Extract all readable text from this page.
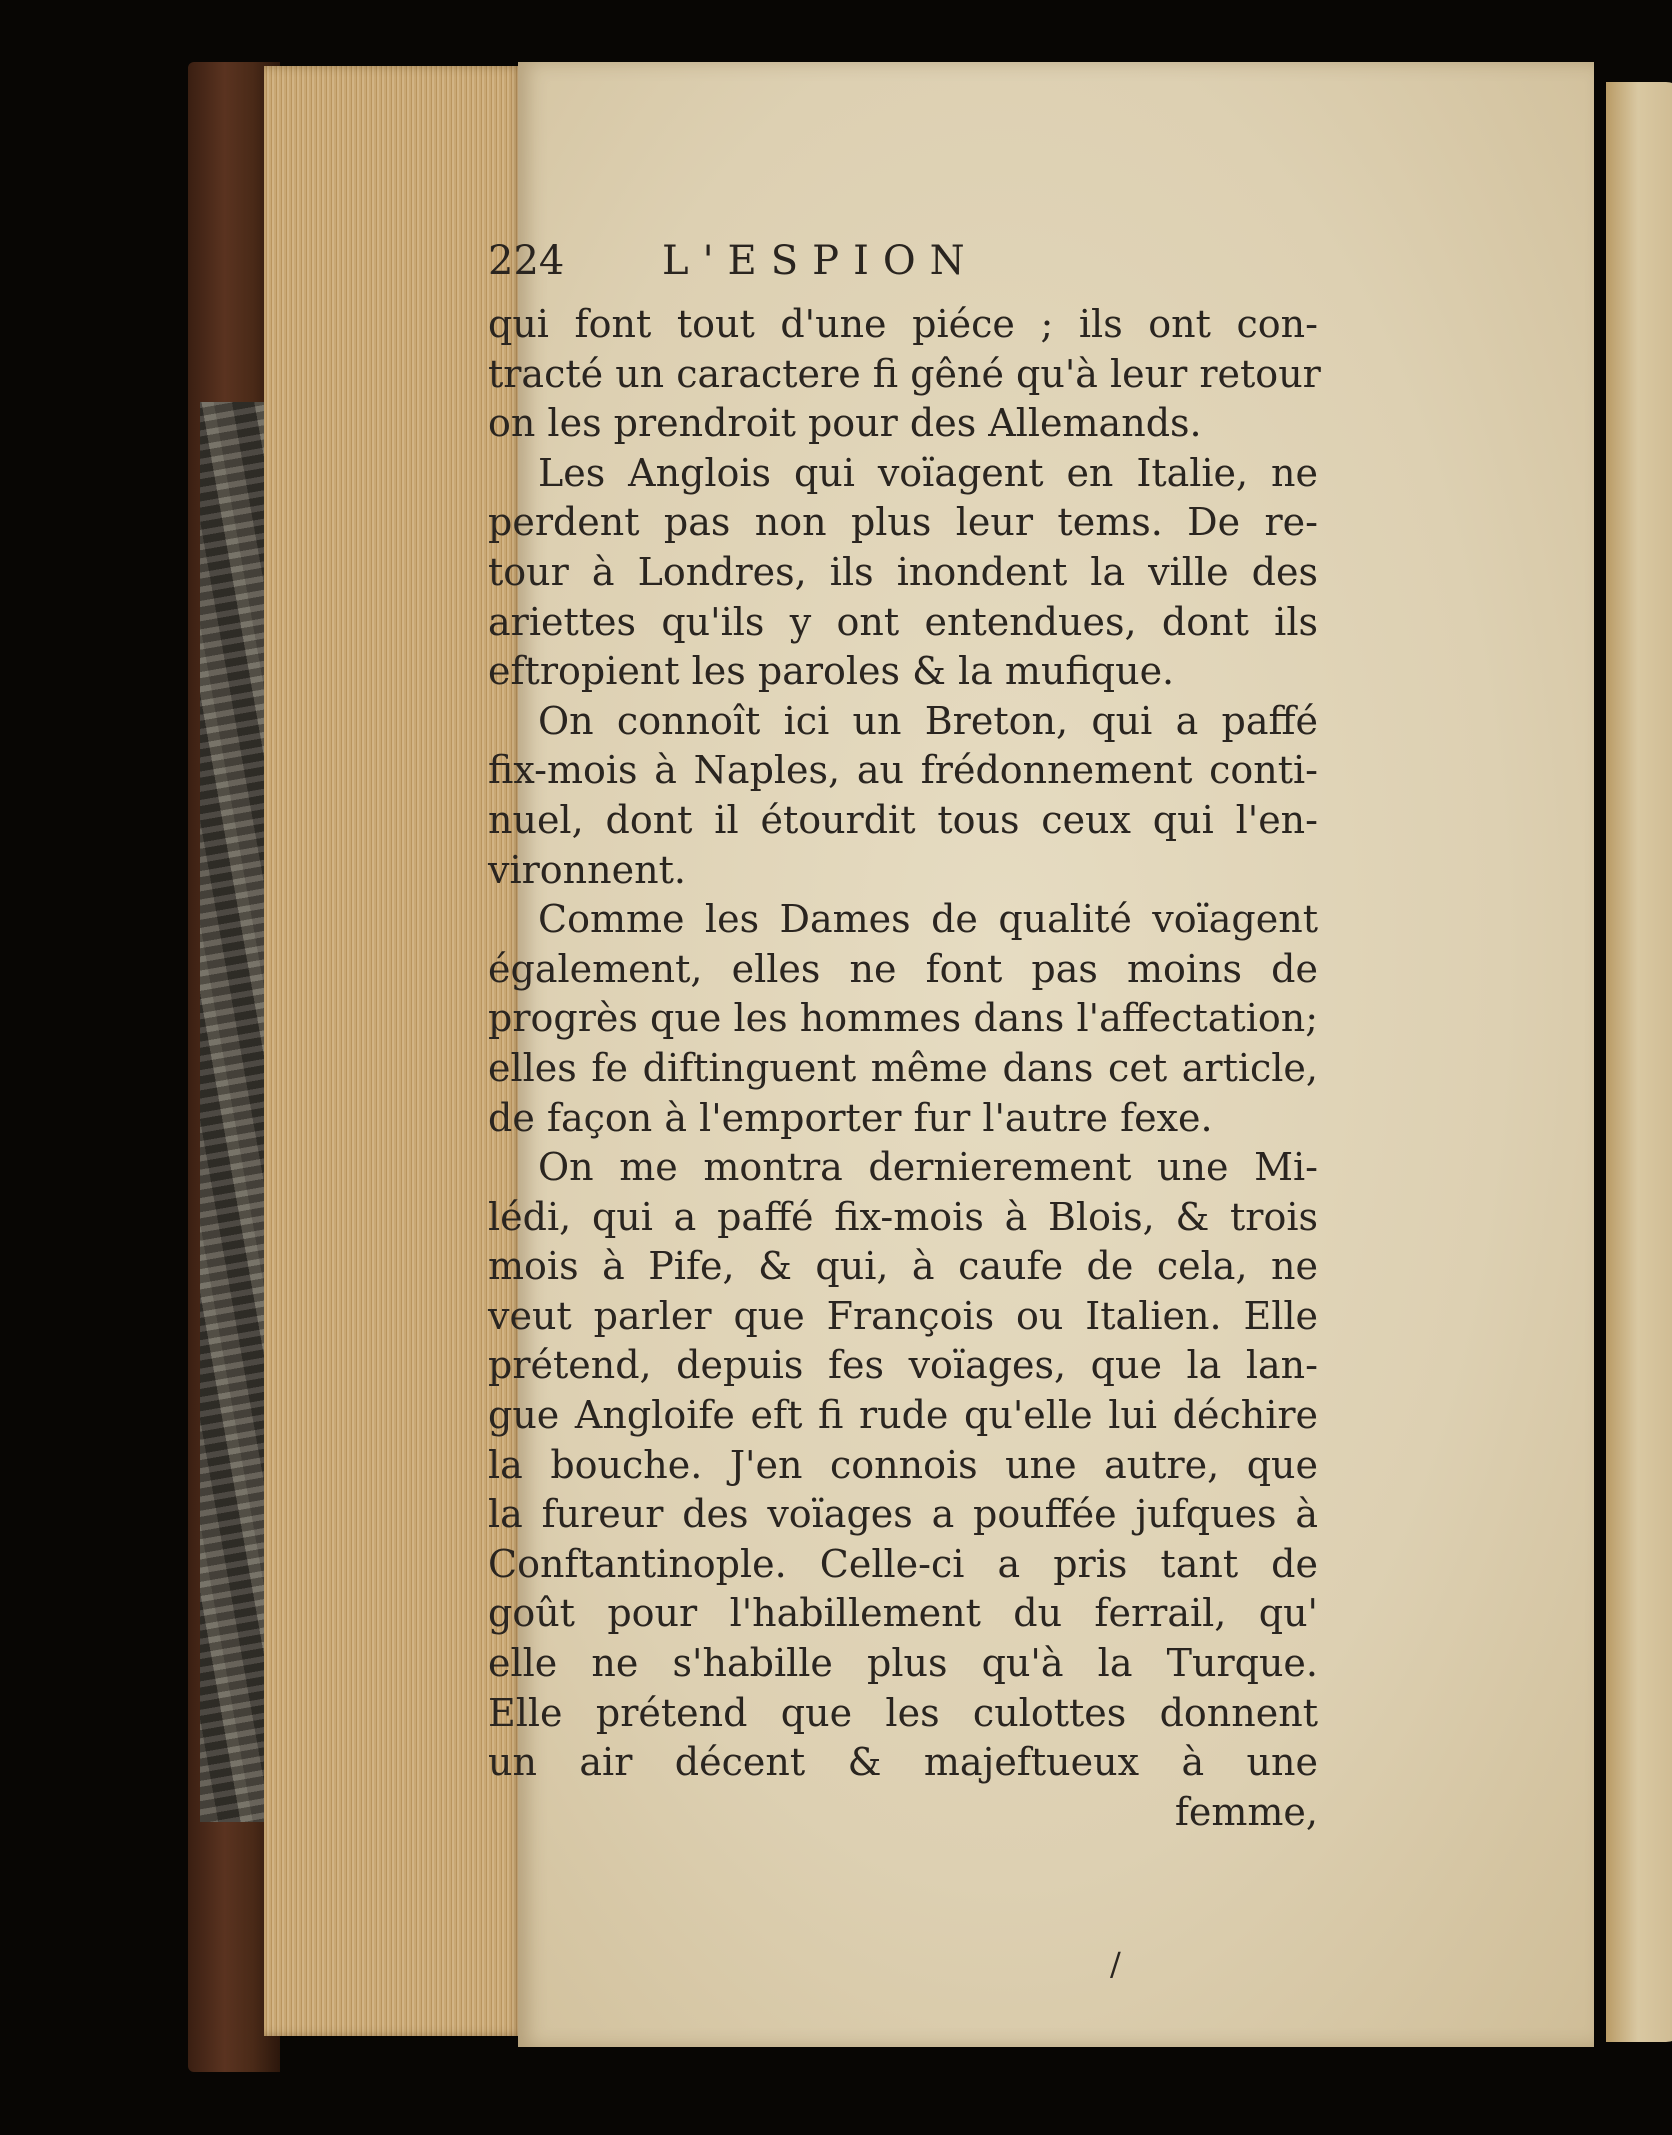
224 L'ESPION
qui font tout d'une piéce ; ils ont con-
tracté un caractere fi gêné qu'à leur retour
on les prendroit pour des Allemands.
Les Anglois qui voïagent en Italie, ne
perdent pas non plus leur tems. De re-
tour à Londres, ils inondent la ville des
ariettes qu'ils y ont entendues, dont ils
eftropient les paroles & la mufique.
On connoît ici un Breton, qui a paffé
fix-mois à Naples, au frédonnement conti-
nuel, dont il étourdit tous ceux qui l'en-
vironnent.
Comme les Dames de qualité voïagent
également, elles ne font pas moins de
progrès que les hommes dans l'affectation;
elles fe diftinguent même dans cet article,
de façon à l'emporter fur l'autre fexe.
On me montra dernierement une Mi-
lédi, qui a paffé fix-mois à Blois, & trois
mois à Pife, & qui, à caufe de cela, ne
veut parler que François ou Italien. Elle
prétend, depuis fes voïages, que la lan-
gue Angloife eft fi rude qu'elle lui déchire
la bouche. J'en connois une autre, que
la fureur des voïages a pouffée jufques à
Conftantinople. Celle-ci a pris tant de
goût pour l'habillement du ferrail, qu'
elle ne s'habille plus qu'à la Turque.
Elle prétend que les culottes donnent
un air décent & majeftueux à une
femme,
/
